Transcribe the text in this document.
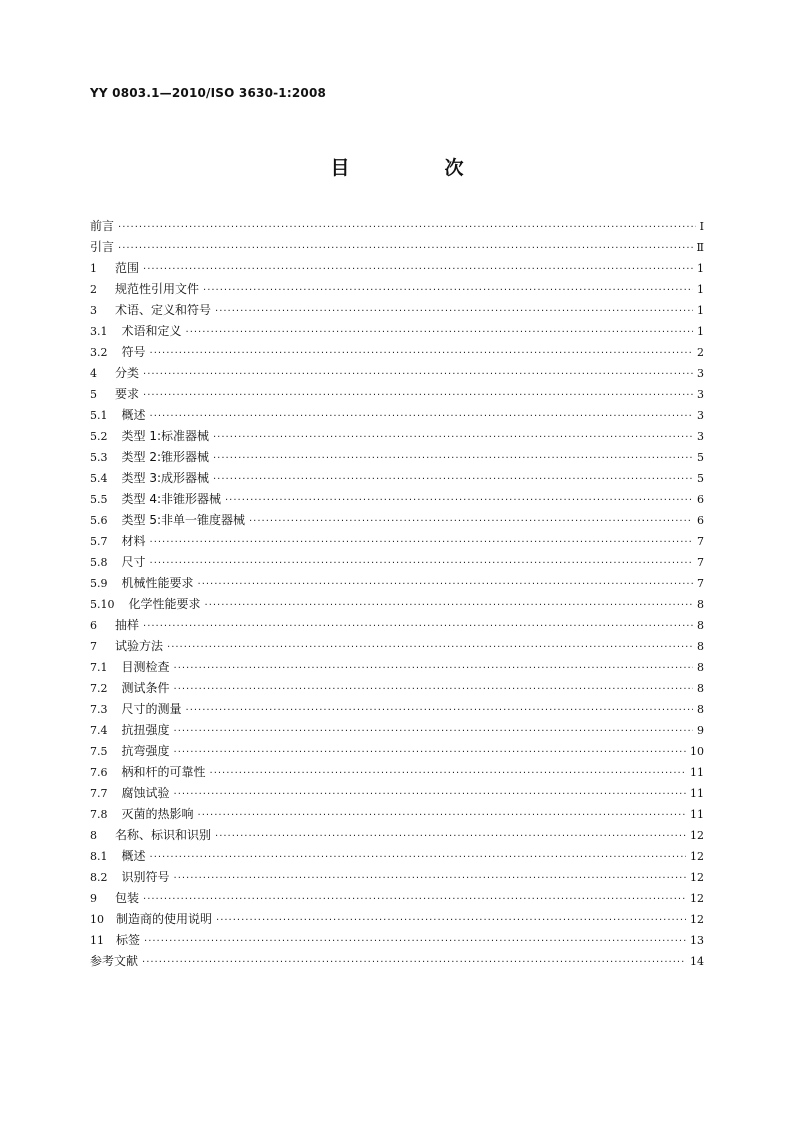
YY 0803.1—2010/ISO 3630-1:2008
目　次
前言 ·····	Ⅰ
引言 ·····	Ⅱ
1 范围 ·····	1
2 规范性引用文件 ·····	1
3 术语、定义和符号 ·····	1
3.1 术语和定义 ·····	1
3.2 符号 ·····	2
4 分类 ·····	3
5 要求 ·····	3
5.1 概述 ·····	3
5.2 类型 1:标准器械 ·····	3
5.3 类型 2:锥形器械 ·····	5
5.4 类型 3:成形器械 ·····	5
5.5 类型 4:非锥形器械 ·····	6
5.6 类型 5:非单一锥度器械 ·····	6
5.7 材料 ·····	7
5.8 尺寸 ·····	7
5.9 机械性能要求 ·····	7
5.10 化学性能要求 ·····	8
6 抽样 ·····	8
7 试验方法 ·····	8
7.1 目测检查 ·····	8
7.2 测试条件 ·····	8
7.3 尺寸的测量 ·····	8
7.4 抗扭强度 ·····	9
7.5 抗弯强度 ·····	10
7.6 柄和杆的可靠性 ·····	11
7.7 腐蚀试验 ·····	11
7.8 灭菌的热影响 ·····	11
8 名称、标识和识别 ·····	12
8.1 概述 ·····	12
8.2 识别符号 ·····	12
9 包装 ·····	12
10 制造商的使用说明 ·····	12
11 标签 ·····	13
参考文献 ·····	14
